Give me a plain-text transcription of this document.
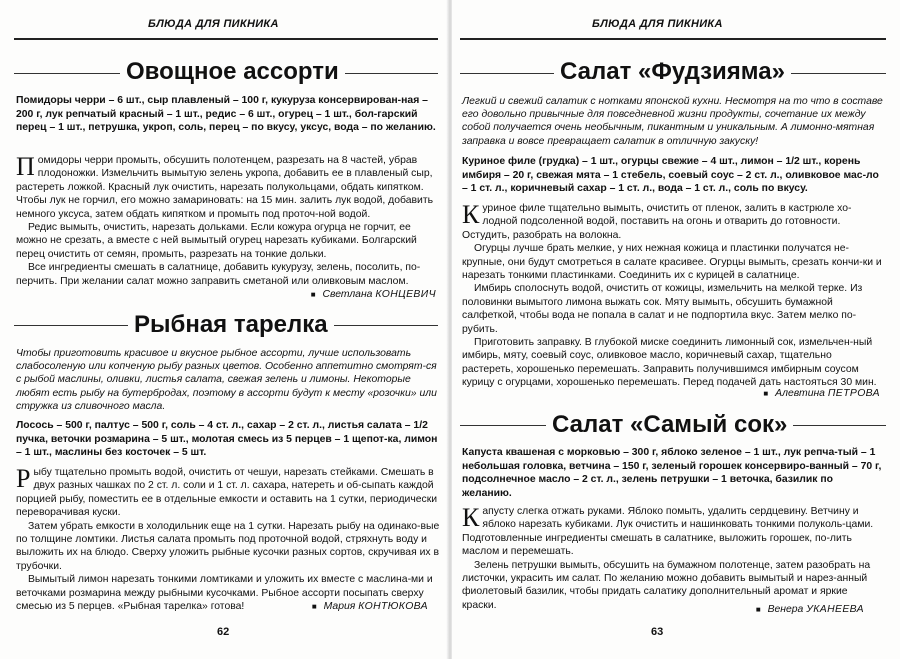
БЛЮДА ДЛЯ ПИКНИКА
Овощное ассорти
Помидоры черри – 6 шт., сыр плавленый – 100 г, кукуруза консервирован-ная – 200 г, лук репчатый красный – 1 шт., редис – 6 шт., огурец – 1 шт., бол-гарский перец – 1 шт., петрушка, укроп, соль, перец – по вкусу, уксус, вода – по желанию.

Помидоры черри промыть, обсушить полотенцем, разрезать на 8 частей, убрав плодоножки. Измельчить вымытую зелень укропа, добавить ее в плавленый сыр, растереть ложкой. Красный лук очистить, нарезать полукольцами, обдать кипятком. Чтобы лук не горчил, его можно замариновать: на 15 мин. залить лук водой, добавить немного уксуса, затем обдать кипятком и промыть под проточ-ной водой.

Редис вымыть, очистить, нарезать дольками. Если кожура огурца не горчит, ее можно не срезать, а вместе с ней вымытый огурец нарезать кубиками. Болгарский перец очистить от семян, промыть, разрезать на тонкие дольки.

Все ингредиенты смешать в салатнице, добавить кукурузу, зелень, посолить, по-перчить. При желании салат можно заправить сметаной или оливковым маслом.

■ Светлана КОНЦЕВИЧ
Рыбная тарелка
Чтобы приготовить красивое и вкусное рыбное ассорти, лучше использовать слабосоленую или копченую рыбу разных цветов. Особенно аппетитно смотрят-ся с рыбой маслины, оливки, листья салата, свежая зелень и лимоны. Некоторые любят есть рыбу на бутербродах, поэтому в ассорти будут к месту «розочки» или стружка из сливочного масла.
Лосось – 500 г, палтус – 500 г, соль – 4 ст. л., сахар – 2 ст. л., листья салата – 1/2 пучка, веточки розмарина – 5 шт., молотая смесь из 5 перцев – 1 щепот-ка, лимон – 1 шт., маслины без косточек – 5 шт.

Рыбу тщательно промыть водой, очистить от чешуи, нарезать стейками. Смешать в двух разных чашках по 2 ст. л. соли и 1 ст. л. сахара, натереть и об-сыпать каждой порцией рыбу, поместить ее в отдельные емкости и оставить на 1 сутки, периодически переворачивая куски.

Затем убрать емкости в холодильник еще на 1 сутки. Нарезать рыбу на одинако-вые по толщине ломтики. Листья салата промыть под проточной водой, стряхнуть воду и выложить их на блюдо. Сверху уложить рыбные кусочки разных сортов, скручивая их в трубочки.

Вымытый лимон нарезать тонкими ломтиками и уложить их вместе с маслина-ми и веточками розмарина между рыбными кусочками. Рыбное ассорти посыпать сверху смесью из 5 перцев. «Рыбная тарелка» готова!	■ Мария КОНТЮКОВА
62
БЛЮДА ДЛЯ ПИКНИКА
Салат «Фудзияма»
Легкий и свежий салатик с нотками японской кухни. Несмотря на то что в составе его довольно привычные для повседневной жизни продукты, сочетание их между собой получается очень необычным, пикантным и уникальным. А лимонно-мятная заправка и вовсе превращает салатик в отличную закуску!
Куриное филе (грудка) – 1 шт., огурцы свежие – 4 шт., лимон – 1/2 шт., корень имбиря – 20 г, свежая мята – 1 стебель, соевый соус – 2 ст. л., оливковое мас-ло – 1 ст. л., коричневый сахар – 1 ст. л., вода – 1 ст. л., соль по вкусу.

Куриное филе тщательно вымыть, очистить от пленок, залить в кастрюле хо-лодной подсоленной водой, поставить на огонь и отварить до готовности. Остудить, разобрать на волокна.

Огурцы лучше брать мелкие, у них нежная кожица и пластинки получатся не-крупные, они будут смотреться в салате красивее. Огурцы вымыть, срезать кончи-ки и нарезать тонкими пластинками. Соединить их с курицей в салатнице.

Имбирь сполоснуть водой, очистить от кожицы, измельчить на мелкой терке. Из половинки вымытого лимона выжать сок. Мяту вымыть, обсушить бумажной салфеткой, чтобы вода не попала в салат и не подпортила вкус. Затем мелко по-рубить.

Приготовить заправку. В глубокой миске соединить лимонный сок, измельчен-ный имбирь, мяту, соевый соус, оливковое масло, коричневый сахар, тщательно растереть, хорошенько перемешать. Заправить получившимся имбирным соусом курицу с огурцами, хорошенько перемешать. Перед подачей дать настояться 30 мин.

■ Алевтина ПЕТРОВА
Салат «Самый сок»
Капуста квашеная с морковью – 300 г, яблоко зеленое – 1 шт., лук репча-тый – 1 небольшая головка, ветчина – 150 г, зеленый горошек консервиро-ванный – 70 г, подсолнечное масло – 2 ст. л., зелень петрушки – 1 веточка, базилик по желанию.

Капусту слегка отжать руками. Яблоко помыть, удалить сердцевину. Ветчину и яблоко нарезать кубиками. Лук очистить и нашинковать тонкими полуколь-цами. Подготовленные ингредиенты смешать в салатнике, выложить горошек, по-лить маслом и перемешать.

Зелень петрушки вымыть, обсушить на бумажном полотенце, затем разобрать на листочки, украсить им салат. По желанию можно добавить вымытый и нарез-анный фиолетовый базилик, чтобы придать салатику дополнительный аромат и яркие краски.	■ Венера УКАНЕЕВА
63
